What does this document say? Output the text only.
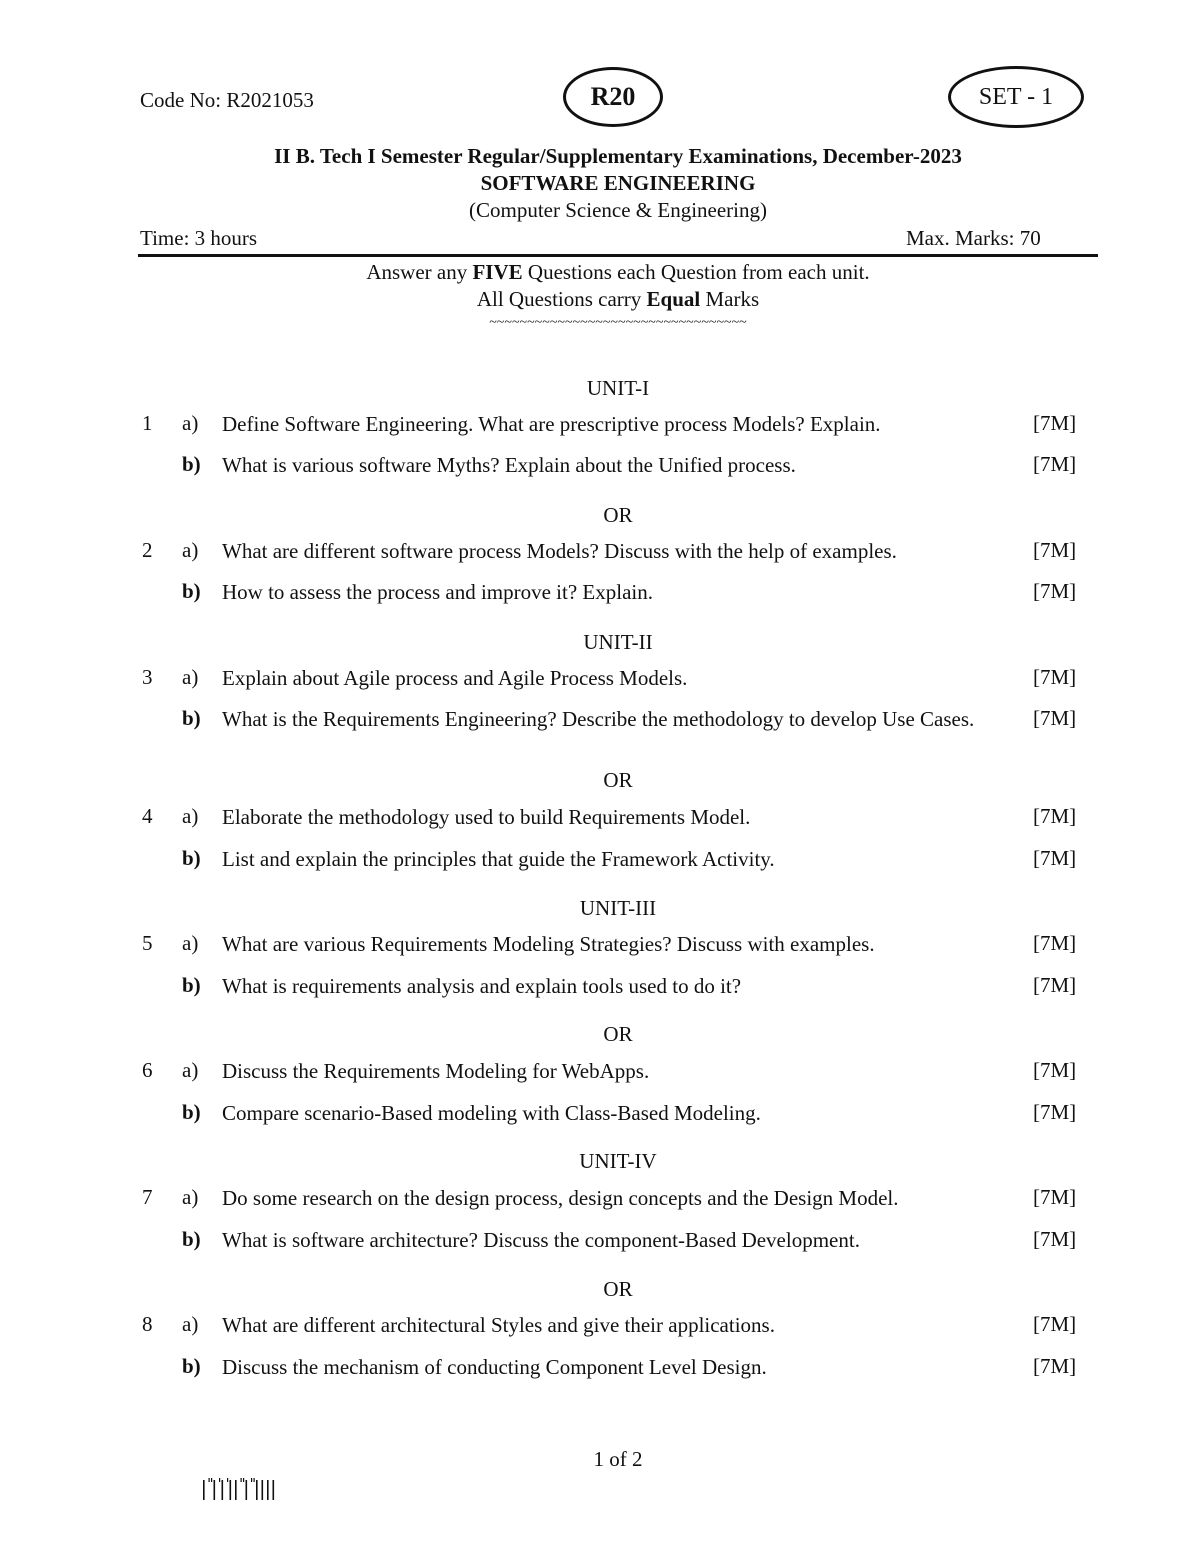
Code No: R2021053	R20	SET - 1
II B. Tech I Semester Regular/Supplementary Examinations, December-2023
SOFTWARE ENGINEERING
(Computer Science & Engineering)
Time: 3 hours	Max. Marks: 70
Answer any FIVE Questions each Question from each unit.
All Questions carry Equal Marks
~~~~~~~~~~~~~~~~~~~~~~~~~~~~~~~~~~
UNIT-I
OR
UNIT-II
OR
UNIT-III
OR
UNIT-IV
OR
1 a) Define Software Engineering. What are prescriptive process Models? Explain.	[7M]
b) What is various software Myths? Explain about the Unified process.	[7M]
2 a) What are different software process Models? Discuss with the help of examples.	[7M]
b) How to assess the process and improve it? Explain.	[7M]
3 a) Explain about Agile process and Agile Process Models.	[7M]
b) What is the Requirements Engineering? Describe the methodology to develop Use Cases.	[7M]
4 a) Elaborate the methodology used to build Requirements Model.	[7M]
b) List and explain the principles that guide the Framework Activity.	[7M]
5 a) What are various Requirements Modeling Strategies? Discuss with examples.	[7M]
b) What is requirements analysis and explain tools used to do it?	[7M]
6 a) Discuss the Requirements Modeling for WebApps.	[7M]
b) Compare scenario-Based modeling with Class-Based Modeling.	[7M]
7 a) Do some research on the design process, design concepts and the Design Model.	[7M]
b) What is software architecture? Discuss the component-Based Development.	[7M]
8 a) What are different architectural Styles and give their applications.	[7M]
b) Discuss the mechanism of conducting Component Level Design.	[7M]
1 of 2
